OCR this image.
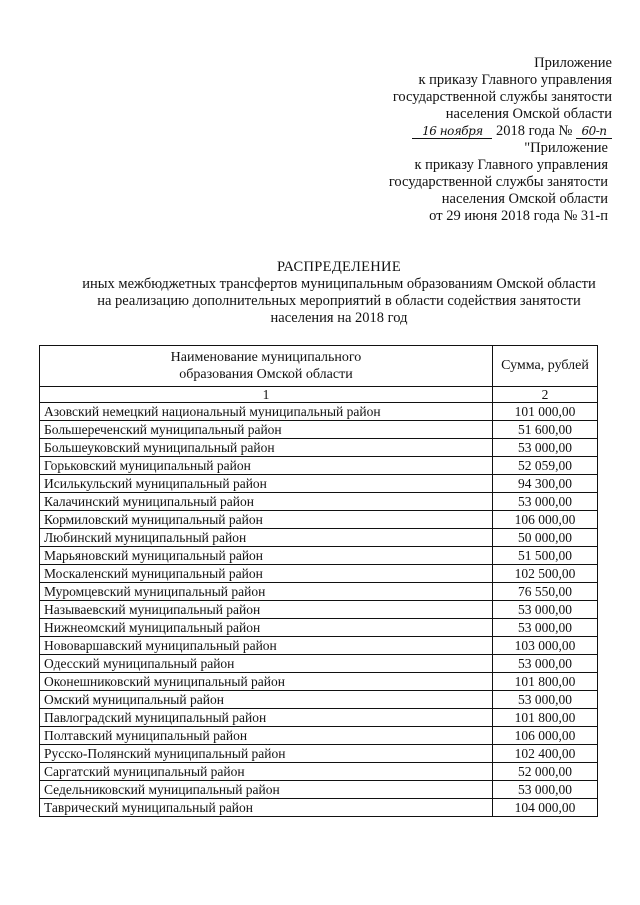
Приложение
к приказу Главного управления
государственной службы занятости
населения Омской области
16 ноября 2018 года № 60-п
"Приложение
к приказу Главного управления
государственной службы занятости
населения Омской области
от 29 июня 2018 года № 31-п
РАСПРЕДЕЛЕНИЕ
иных межбюджетных трансфертов муниципальным образованиям Омской области
на реализацию дополнительных мероприятий в области содействия занятости
населения на 2018 год
Наименование муниципального
образования Омской области	Сумма, рублей
1	2
Азовский немецкий национальный муниципальный район	101 000,00
Большереченский муниципальный район	51 600,00
Большеуковский муниципальный район	53 000,00
Горьковский муниципальный район	52 059,00
Исилькульский муниципальный район	94 300,00
Калачинский муниципальный район	53 000,00
Кормиловский муниципальный район	106 000,00
Любинский муниципальный район	50 000,00
Марьяновский муниципальный район	51 500,00
Москаленский муниципальный район	102 500,00
Муромцевский муниципальный район	76 550,00
Называевский муниципальный район	53 000,00
Нижнеомский муниципальный район	53 000,00
Нововаршавский муниципальный район	103 000,00
Одесский муниципальный район	53 000,00
Оконешниковский муниципальный район	101 800,00
Омский муниципальный район	53 000,00
Павлоградский муниципальный район	101 800,00
Полтавский муниципальный район	106 000,00
Русско-Полянский муниципальный район	102 400,00
Саргатский муниципальный район	52 000,00
Седельниковский муниципальный район	53 000,00
Таврический муниципальный район	104 000,00
